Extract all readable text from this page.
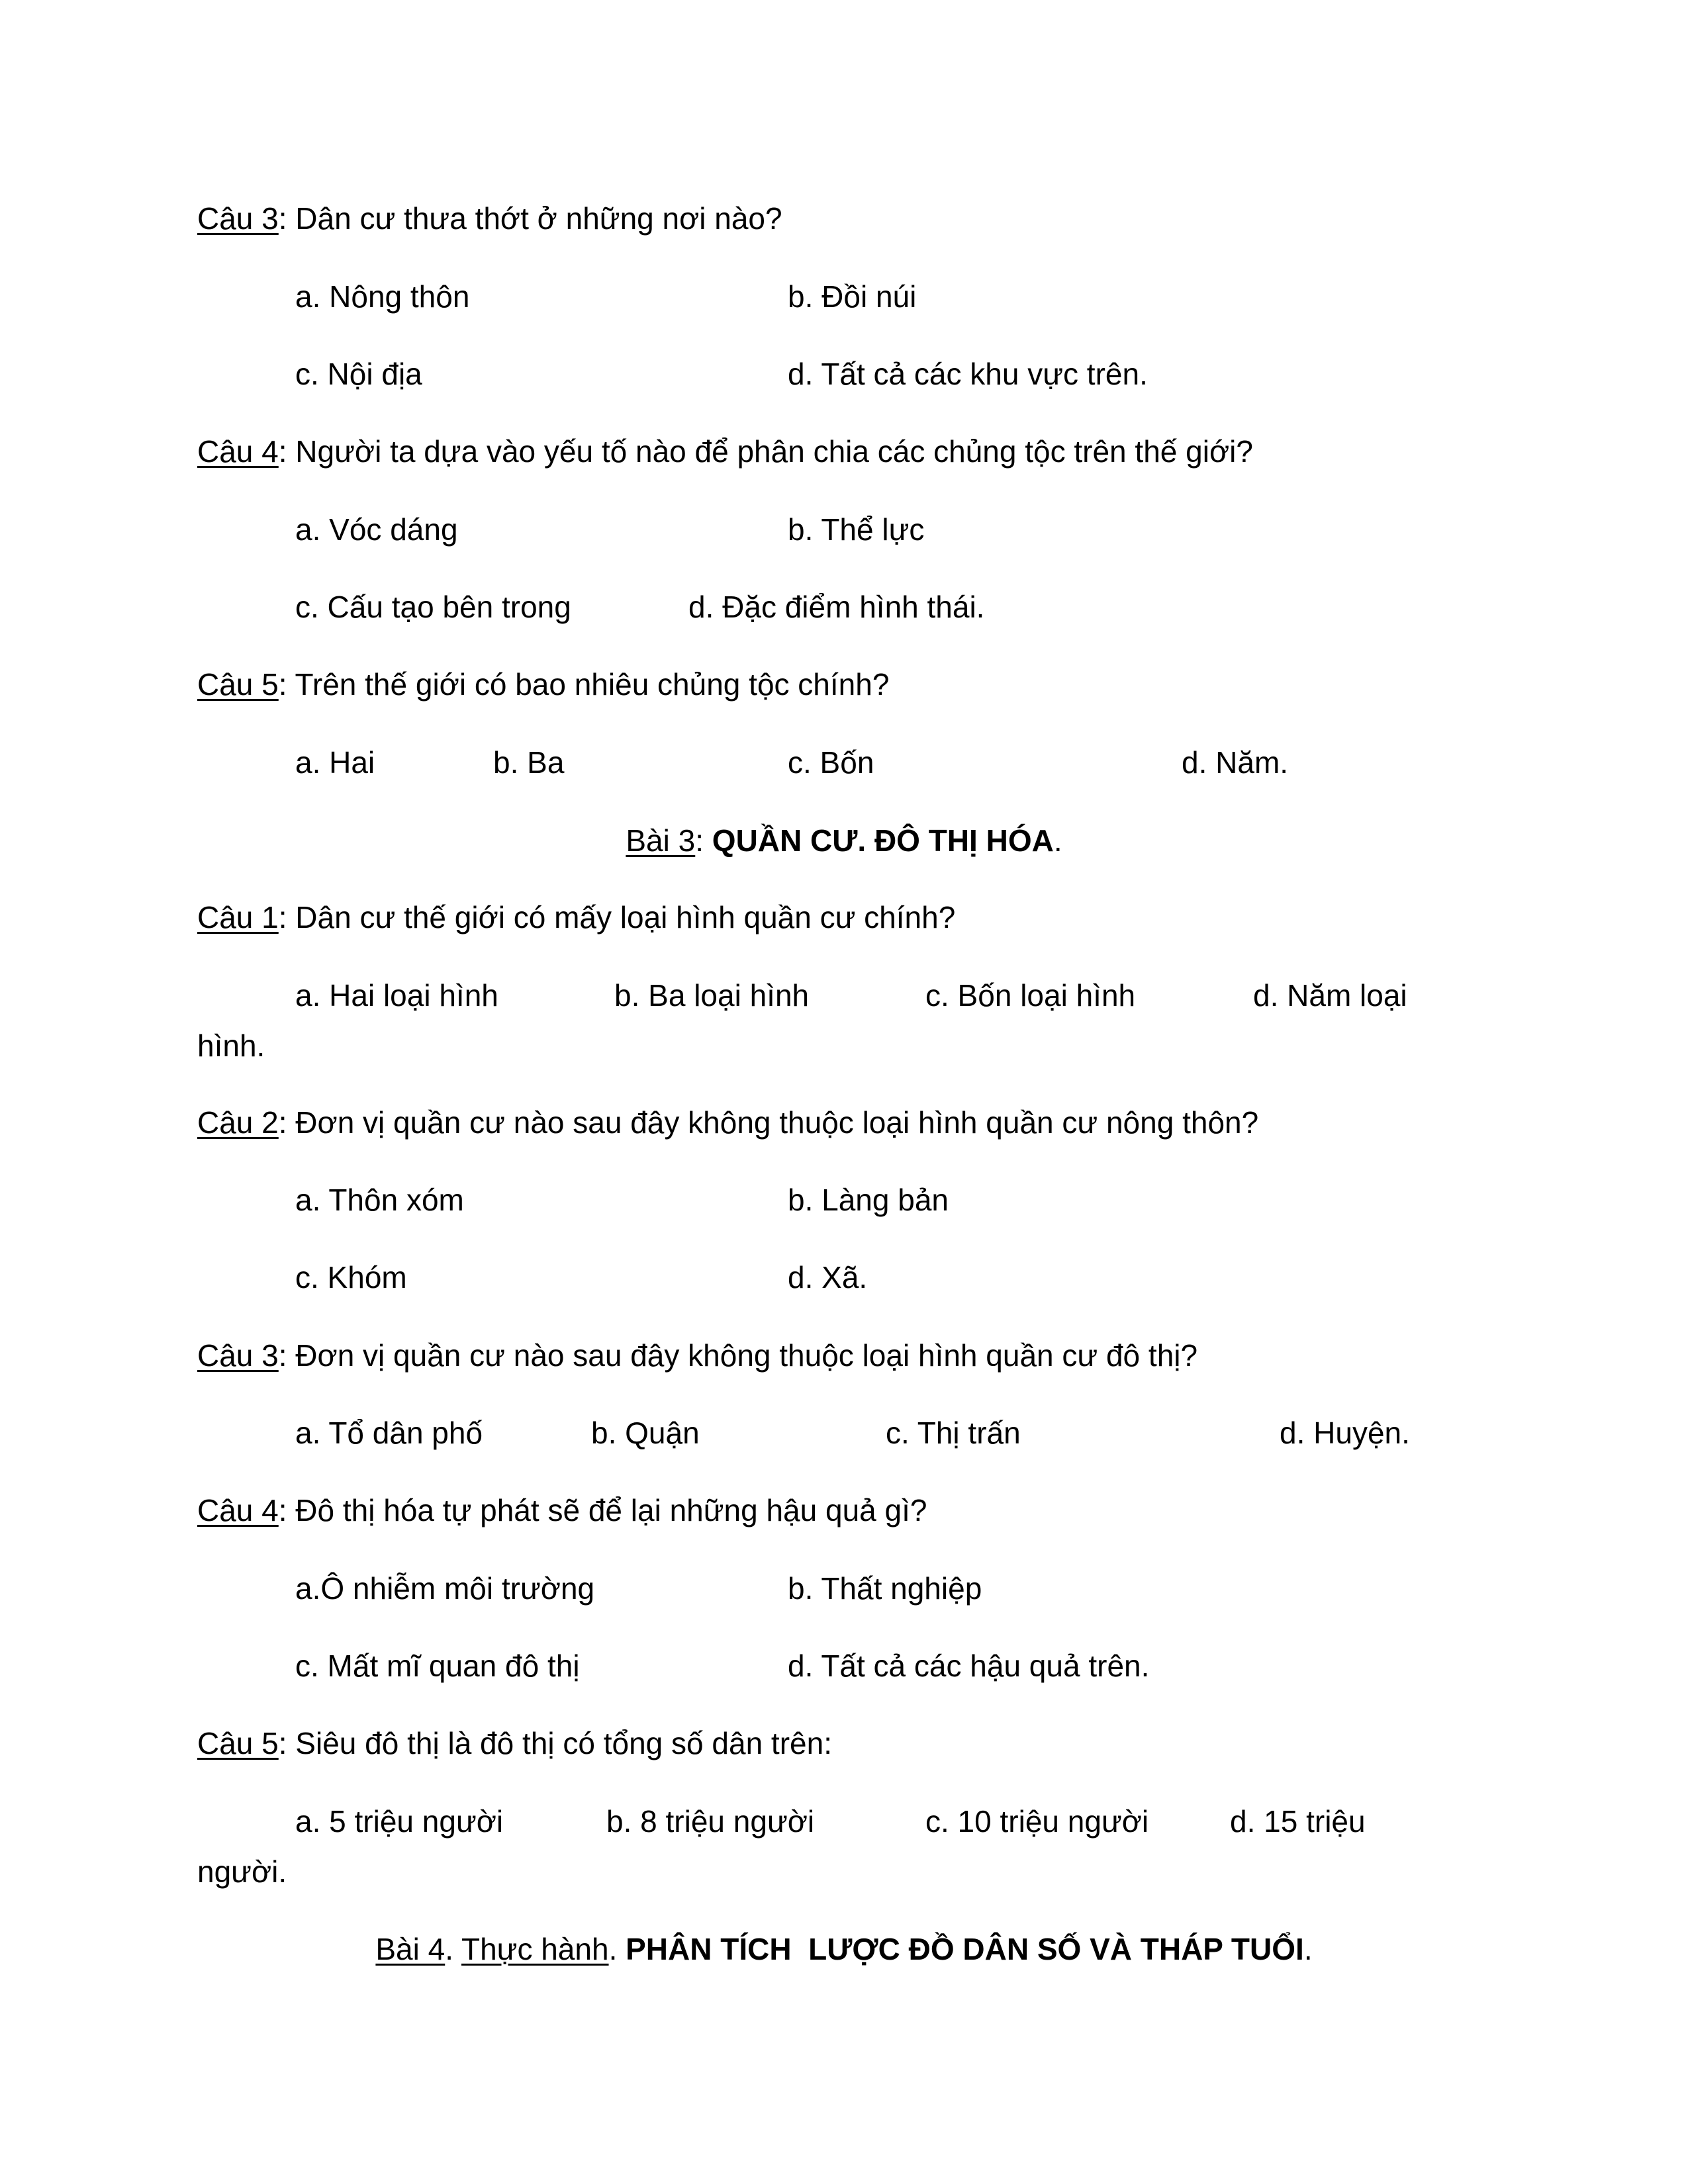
Câu 3: Dân cư thưa thớt ở những nơi nào?
a. Nông thôn	b. Đồi núi
c. Nội địa	d. Tất cả các khu vực trên.
Câu 4: Người ta dựa vào yếu tố nào để phân chia các chủng tộc trên thế giới?
a. Vóc dáng	b. Thể lực
c. Cấu tạo bên trong	d. Đặc điểm hình thái.
Câu 5: Trên thế giới có bao nhiêu chủng tộc chính?
a. Hai	b. Ba	c. Bốn	d. Năm.
Bài 3: QUẦN CƯ. ĐÔ THỊ HÓA.
Câu 1: Dân cư thế giới có mấy loại hình quần cư chính?
a. Hai loại hình	b. Ba loại hình	c. Bốn loại hình	d. Năm loại
hình.
Câu 2: Đơn vị quần cư nào sau đây không thuộc loại hình quần cư nông thôn?
a. Thôn xóm	b. Làng bản
c. Khóm	d. Xã.
Câu 3: Đơn vị quần cư nào sau đây không thuộc loại hình quần cư đô thị?
a. Tổ dân phố	b. Quận	c. Thị trấn	d. Huyện.
Câu 4: Đô thị hóa tự phát sẽ để lại những hậu quả gì?
a.Ô nhiễm môi trường	b. Thất nghiệp
c. Mất mĩ quan đô thị	d. Tất cả các hậu quả trên.
Câu 5: Siêu đô thị là đô thị có tổng số dân trên:
a. 5 triệu người	b. 8 triệu người	c. 10 triệu người	d. 15 triệu
người.
Bài 4. Thực hành. PHÂN TÍCH  LƯỢC ĐỒ DÂN SỐ VÀ THÁP TUỔI.
